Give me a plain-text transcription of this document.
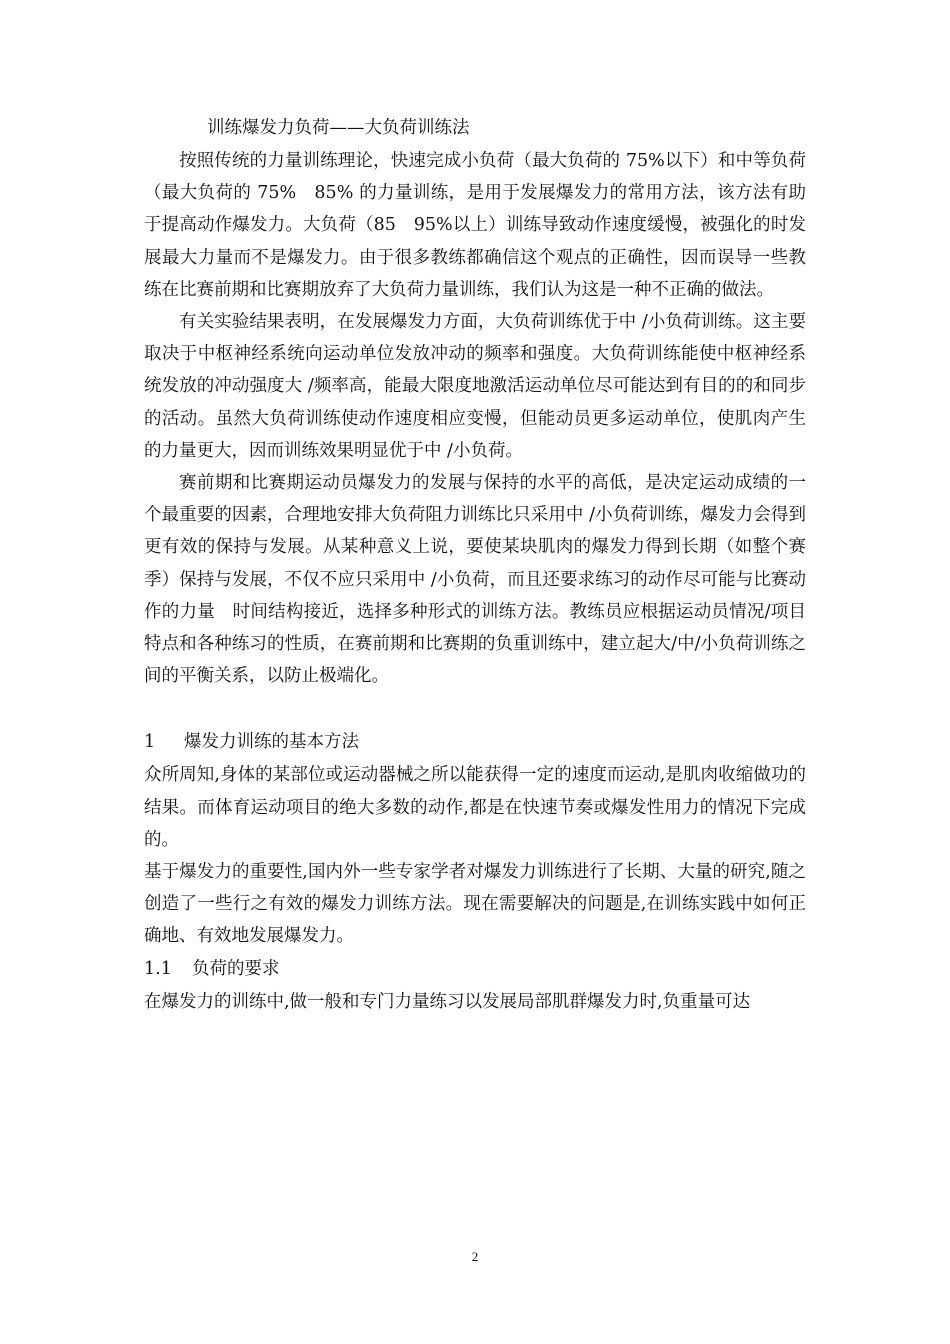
训练爆发力负荷——大负荷训练法

按照传统的力量训练理论，快速完成小负荷（最大负荷的 75%以下）和中等负荷（最大负荷的 75%　85% 的力量训练，是用于发展爆发力的常用方法，该方法有助于提高动作爆发力。大负荷（85　95%以上）训练导致动作速度缓慢，被强化的时发展最大力量而不是爆发力。由于很多教练都确信这个观点的正确性，因而误导一些教练在比赛前期和比赛期放弃了大负荷力量训练，我们认为这是一种不正确的做法。

有关实验结果表明，在发展爆发力方面，大负荷训练优于中 /小负荷训练。这主要取决于中枢神经系统向运动单位发放冲动的频率和强度。大负荷训练能使中枢神经系统发放的冲动强度大 /频率高，能最大限度地激活运动单位尽可能达到有目的的和同步的活动。虽然大负荷训练使动作速度相应变慢，但能动员更多运动单位，使肌肉产生的力量更大，因而训练效果明显优于中 /小负荷。

赛前期和比赛期运动员爆发力的发展与保持的水平的高低，是决定运动成绩的一个最重要的因素，合理地安排大负荷阻力训练比只采用中 /小负荷训练，爆发力会得到更有效的保持与发展。从某种意义上说，要使某块肌肉的爆发力得到长期（如整个赛季）保持与发展，不仅不应只采用中 /小负荷，而且还要求练习的动作尽可能与比赛动作的力量　时间结构接近，选择多种形式的训练方法。教练员应根据运动员情况/项目特点和各种练习的性质，在赛前期和比赛期的负重训练中，建立起大/中/小负荷训练之间的平衡关系，以防止极端化。

1 爆发力训练的基本方法

众所周知,身体的某部位或运动器械之所以能获得一定的速度而运动,是肌肉收缩做功的结果。而体育运动项目的绝大多数的动作,都是在快速节奏或爆发性用力的情况下完成的。

基于爆发力的重要性,国内外一些专家学者对爆发力训练进行了长期、大量的研究,随之创造了一些行之有效的爆发力训练方法。现在需要解决的问题是,在训练实践中如何正确地、有效地发展爆发力。

1.1 负荷的要求

在爆发力的训练中,做一般和专门力量练习以发展局部肌群爆发力时,负重量可达

2
